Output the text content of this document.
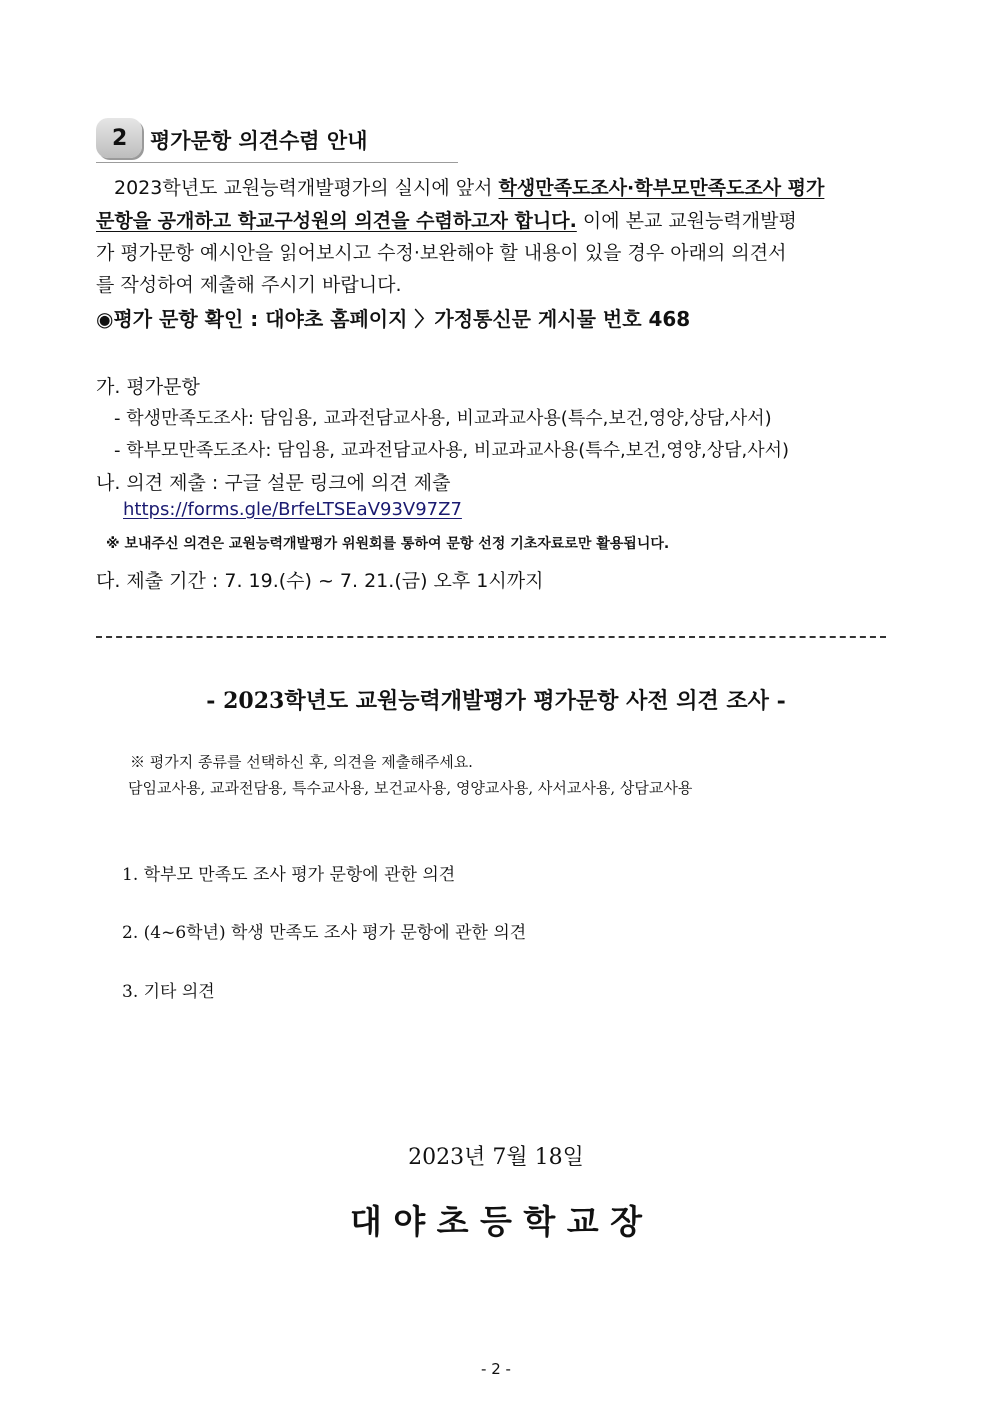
2 평가문항 의견수렴 안내
2023학년도 교원능력개발평가의 실시에 앞서 학생만족도조사·학부모만족도조사 평가
문항을 공개하고 학교구성원의 의견을 수렴하고자 합니다. 이에 본교 교원능력개발평
가 평가문항 예시안을 읽어보시고 수정·보완해야 할 내용이 있을 경우 아래의 의견서
를 작성하여 제출해 주시기 바랍니다.
◉평가 문항 확인 : 대야초 홈페이지 〉가정통신문 게시물 번호 468
가. 평가문항
- 학생만족도조사: 담임용, 교과전담교사용, 비교과교사용(특수,보건,영양,상담,사서)
- 학부모만족도조사: 담임용, 교과전담교사용, 비교과교사용(특수,보건,영양,상담,사서)
나. 의견 제출 : 구글 설문 링크에 의견 제출
https://forms.gle/BrfeLTSEaV93V97Z7
※ 보내주신 의견은 교원능력개발평가 위원회를 통하여 문항 선정 기초자료로만 활용됩니다.
다. 제출 기간 : 7. 19.(수) ~ 7. 21.(금) 오후 1시까지
- 2023학년도 교원능력개발평가 평가문항 사전 의견 조사 -
※ 평가지 종류를 선택하신 후, 의견을 제출해주세요.
담임교사용, 교과전담용, 특수교사용, 보건교사용, 영양교사용, 사서교사용, 상담교사용
1. 학부모 만족도 조사 평가 문항에 관한 의견
2. (4~6학년) 학생 만족도 조사 평가 문항에 관한 의견
3. 기타 의견
2023년 7월 18일
대 야 초 등 학 교 장
- 2 -
